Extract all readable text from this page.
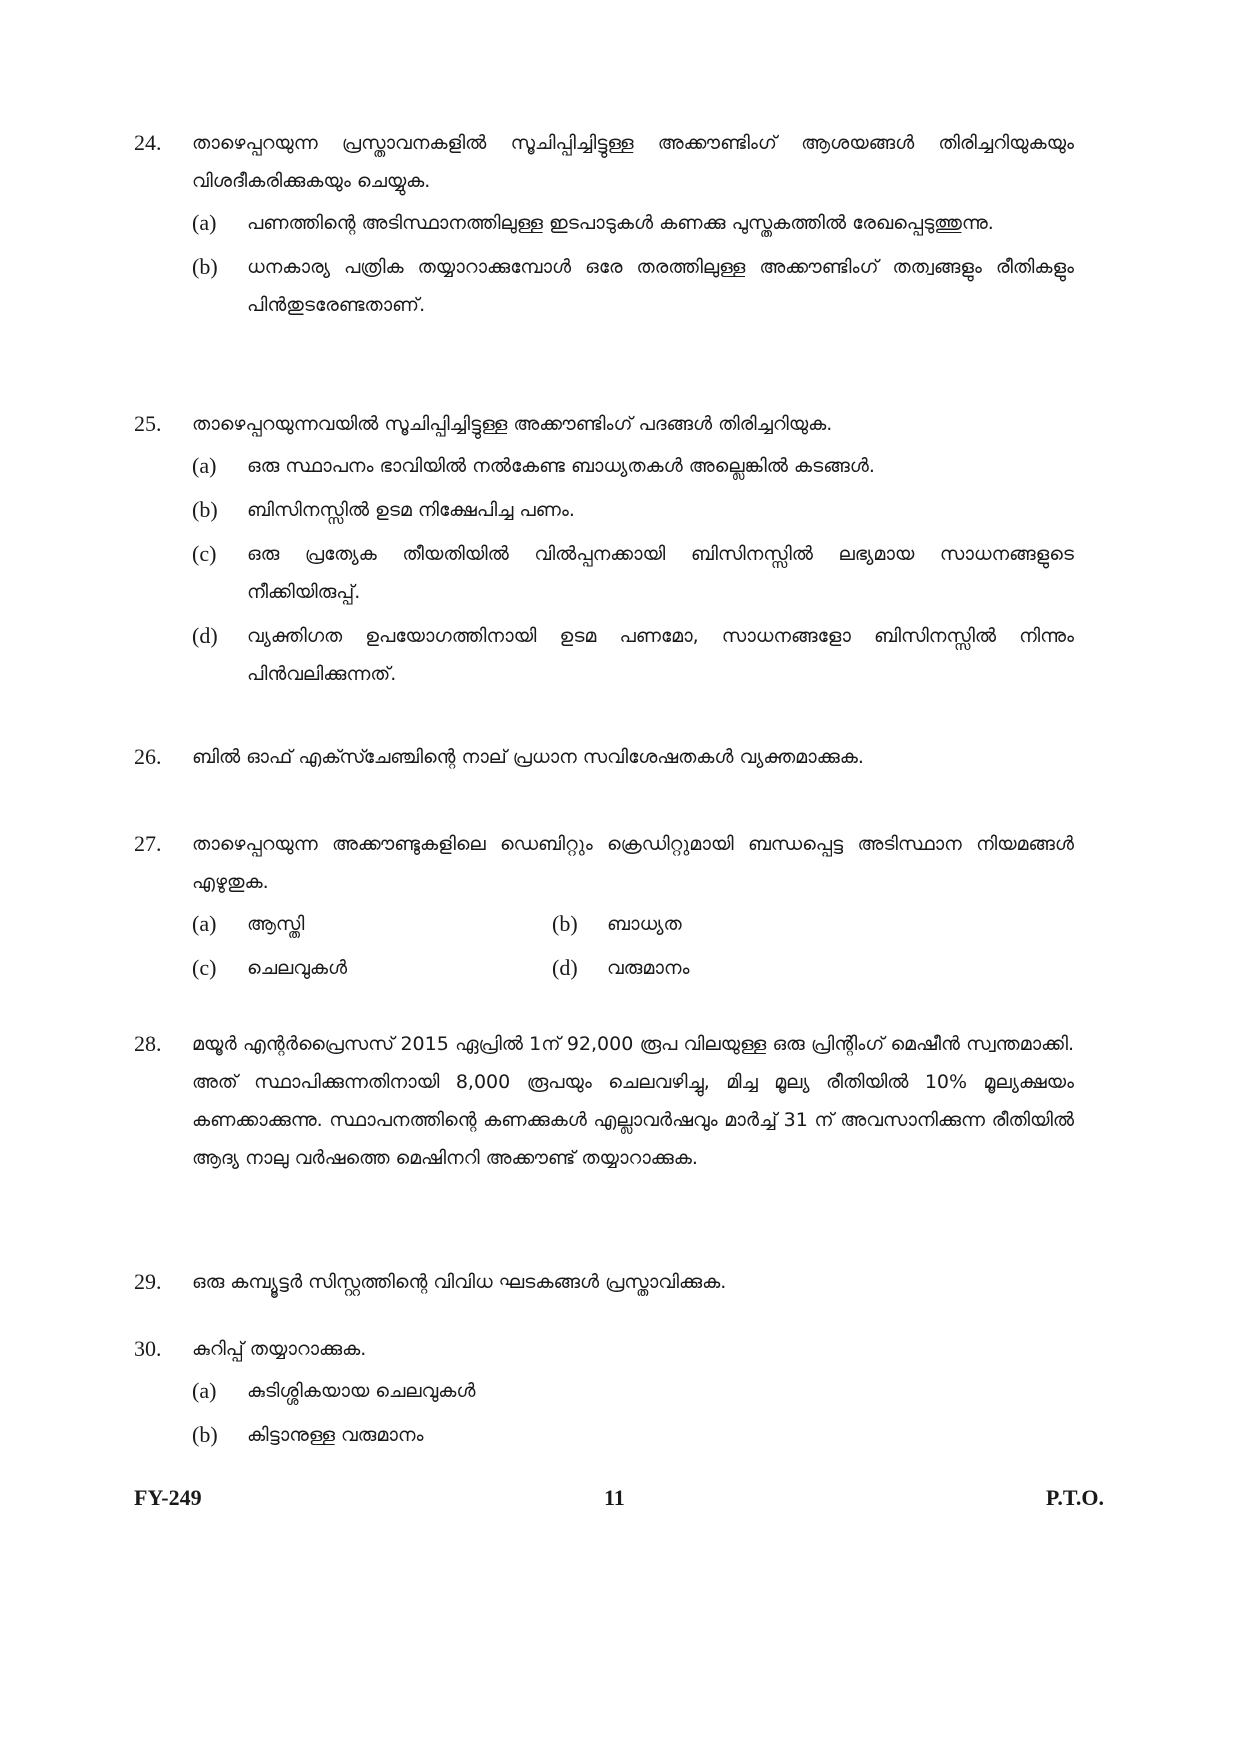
24. താഴെപ്പറയുന്ന പ്രസ്താവനകളിൽ സൂചിപ്പിച്ചിട്ടുള്ള അക്കൗണ്ടിംഗ് ആശയങ്ങൾ തിരിച്ചറിയുകയും വിശദീകരിക്കുകയും ചെയ്യുക.
(a) പണത്തിന്റെ അടിസ്ഥാനത്തിലുള്ള ഇടപാടുകൾ കണക്കു പുസ്തകത്തിൽ രേഖപ്പെടുത്തുന്നു.
(b) ധനകാര്യ പത്രിക തയ്യാറാക്കുമ്പോൾ ഒരേ തരത്തിലുള്ള അക്കൗണ്ടിംഗ് തത്വങ്ങളും രീതികളും പിൻതുടരേണ്ടതാണ്.
25. താഴെപ്പറയുന്നവയിൽ സൂചിപ്പിച്ചിട്ടുള്ള അക്കൗണ്ടിംഗ് പദങ്ങൾ തിരിച്ചറിയുക.
(a) ഒരു സ്ഥാപനം ഭാവിയിൽ നൽകേണ്ട ബാധ്യതകൾ അല്ലെങ്കിൽ കടങ്ങൾ.
(b) ബിസിനസ്സിൽ ഉടമ നിക്ഷേപിച്ച പണം.
(c) ഒരു പ്രത്യേക തീയതിയിൽ വിൽപ്പനക്കായി ബിസിനസ്സിൽ ലഭ്യമായ സാധനങ്ങളുടെ നീക്കിയിരുപ്പ്.
(d) വ്യക്തിഗത ഉപയോഗത്തിനായി ഉടമ പണമോ, സാധനങ്ങളോ ബിസിനസ്സിൽ നിന്നും പിൻവലിക്കുന്നത്.
26. ബിൽ ഓഫ് എക്സ്ചേഞ്ചിന്റെ നാല് പ്രധാന സവിശേഷതകൾ വ്യക്തമാക്കുക.
27. താഴെപ്പറയുന്ന അക്കൗണ്ടുകളിലെ ഡെബിറ്റും ക്രെഡിറ്റുമായി ബന്ധപ്പെട്ട അടിസ്ഥാന നിയമങ്ങൾ എഴുതുക.
(a) ആസ്തി	(b) ബാധ്യത
(c) ചെലവുകൾ	(d) വരുമാനം
28. മയൂർ എന്റർപ്രൈസസ് 2015 ഏപ്രിൽ 1ന് 92,000 രൂപ വിലയുള്ള ഒരു പ്രിന്റിംഗ് മെഷീൻ സ്വന്തമാക്കി. അത് സ്ഥാപിക്കുന്നതിനായി 8,000 രൂപയും ചെലവഴിച്ചു, മിച്ച മൂല്യ രീതിയിൽ 10% മൂല്യക്ഷയം കണക്കാക്കുന്നു. സ്ഥാപനത്തിന്റെ കണക്കുകൾ എല്ലാവർഷവും മാർച്ച് 31 ന് അവസാനിക്കുന്ന രീതിയിൽ ആദ്യ നാലു വർഷത്തെ മെഷിനറി അക്കൗണ്ട് തയ്യാറാക്കുക.
29. ഒരു കമ്പ്യൂട്ടർ സിസ്റ്റത്തിന്റെ വിവിധ ഘടകങ്ങൾ പ്രസ്താവിക്കുക.
30. കുറിപ്പ് തയ്യാറാക്കുക.
(a) കുടിശ്ശികയായ ചെലവുകൾ
(b) കിട്ടാനുള്ള വരുമാനം
FY-249	11	P.T.O.
